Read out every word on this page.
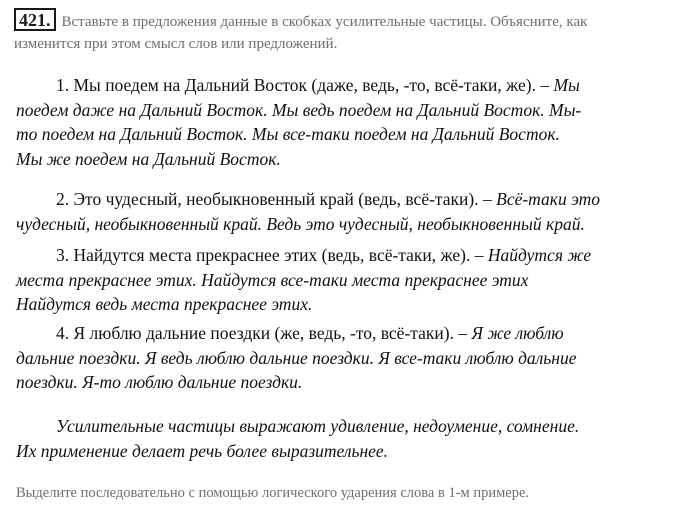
421. Вставьте в предложения данные в скобках усилительные частицы. Объясните, как
изменится при этом смысл слов или предложений.
1. Мы поедем на Дальний Восток (даже, ведь, -то, всё-таки, же). – Мы
поедем даже на Дальний Восток. Мы ведь поедем на Дальний Восток. Мы-
то поедем на Дальний Восток. Мы все-таки поедем на Дальний Восток.
Мы же поедем на Дальний Восток.
2. Это чудесный, необыкновенный край (ведь, всё-таки). – Всё-таки это
чудесный, необыкновенный край. Ведь это чудесный, необыкновенный край.
3. Найдутся места прекраснее этих (ведь, всё-таки, же). – Найдутся же
места прекраснее этих. Найдутся все-таки места прекраснее этих
Найдутся ведь места прекраснее этих.
4. Я люблю дальние поездки (же, ведь, -то, всё-таки). – Я же люблю
дальние поездки. Я ведь люблю дальние поездки. Я все-таки люблю дальние
поездки. Я-то люблю дальние поездки.
Усилительные частицы выражают удивление, недоумение, сомнение.
Их применение делает речь более выразительнее.
Выделите последовательно с помощью логического ударения слова в 1-м примере.
